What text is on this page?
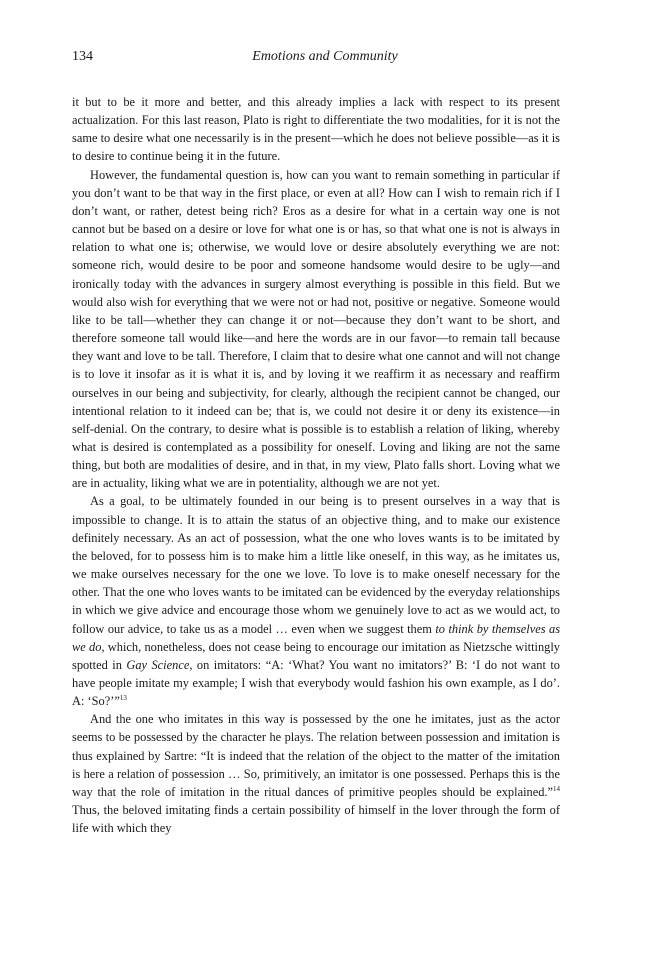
134	Emotions and Community

it but to be it more and better, and this already implies a lack with respect to its present actualization. For this last reason, Plato is right to differentiate the two modalities, for it is not the same to desire what one necessarily is in the present—which he does not believe possible—as it is to desire to continue being it in the future.

However, the fundamental question is, how can you want to remain something in particular if you don’t want to be that way in the first place, or even at all? How can I wish to remain rich if I don’t want, or rather, detest being rich? Eros as a desire for what in a certain way one is not cannot but be based on a desire or love for what one is or has, so that what one is not is always in relation to what one is; otherwise, we would love or desire absolutely everything we are not: someone rich, would desire to be poor and someone handsome would desire to be ugly—and ironically today with the advances in surgery almost everything is possible in this field. But we would also wish for everything that we were not or had not, positive or negative. Someone would like to be tall—whether they can change it or not—because they don’t want to be short, and therefore someone tall would like—and here the words are in our favor—to remain tall because they want and love to be tall. Therefore, I claim that to desire what one cannot and will not change is to love it insofar as it is what it is, and by loving it we reaffirm it as necessary and reaffirm ourselves in our being and subjectivity, for clearly, although the recipient cannot be changed, our intentional relation to it indeed can be; that is, we could not desire it or deny its existence—in self-denial. On the contrary, to desire what is possible is to establish a relation of liking, whereby what is desired is contemplated as a possibility for oneself. Loving and liking are not the same thing, but both are modalities of desire, and in that, in my view, Plato falls short. Loving what we are in actuality, liking what we are in potentiality, although we are not yet.

As a goal, to be ultimately founded in our being is to present ourselves in a way that is impossible to change. It is to attain the status of an objective thing, and to make our existence definitely necessary. As an act of possession, what the one who loves wants is to be imitated by the beloved, for to possess him is to make him a little like oneself, in this way, as he imitates us, we make ourselves necessary for the one we love. To love is to make oneself necessary for the other. That the one who loves wants to be imitated can be evidenced by the everyday relationships in which we give advice and encourage those whom we genuinely love to act as we would act, to follow our advice, to take us as a model … even when we suggest them to think by themselves as we do, which, nonetheless, does not cease being to encourage our imitation as Nietzsche wittingly spotted in Gay Science, on imitators: “A: ‘What? You want no imitators?’ B: ‘I do not want to have people imitate my example; I wish that everybody would fashion his own example, as I do’. A: ‘So?’”$^{13}$

And the one who imitates in this way is possessed by the one he imitates, just as the actor seems to be possessed by the character he plays. The relation between possession and imitation is thus explained by Sartre: “It is indeed that the relation of the object to the matter of the imitation is here a relation of possession … So, primitively, an imitator is one possessed. Perhaps this is the way that the role of imitation in the ritual dances of primitive peoples should be explained.”$^{14}$ Thus, the beloved imitating finds a certain possibility of himself in the lover through the form of life with which they
